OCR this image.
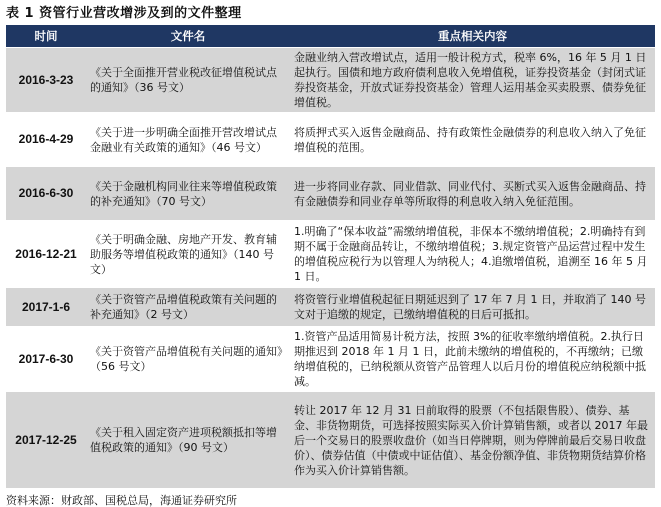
表 1 资管行业营改增涉及到的文件整理
时间	文件名	重点相关内容
2016-3-23	《关于全面推开营业税改征增值税试点的通知》（36 号文）	金融业纳入营改增试点，适用一般计税方式，税率 6%，16 年 5 月 1 日起执行。国债和地方政府债利息收入免增值税，证券投资基金（封闭式证券投资基金，开放式证券投资基金）管理人运用基金买卖股票、债券免征增值税。
2016-4-29	《关于进一步明确全面推开营改增试点金融业有关政策的通知》（46 号文）	将质押式买入返售金融商品、持有政策性金融债券的利息收入纳入了免征增值税的范围。
2016-6-30	《关于金融机构同业往来等增值税政策的补充通知》（70 号文）	进一步将同业存款、同业借款、同业代付、买断式买入返售金融商品、持有金融债券和同业存单等所取得的利息收入纳入免征范围。
2016-12-21	《关于明确金融、房地产开发、教育辅助服务等增值税政策的通知》（140 号文）	1.明确了“保本收益”需缴纳增值税，非保本不缴纳增值税；2.明确持有到期不属于金融商品转让，不缴纳增值税；3.规定资管产品运营过程中发生的增值税应税行为以管理人为纳税人；4.追缴增值税，追溯至 16 年 5 月 1 日。
2017-1-6	《关于资管产品增值税政策有关问题的补充通知》（2 号文）	将资管行业增值税起征日期延迟到了 17 年 7 月 1 日，并取消了 140 号文对于追缴的规定，已缴纳增值税的日后可抵扣。
2017-6-30	《关于资管产品增值税有关问题的通知》（56 号文）	1.资管产品适用简易计税方法，按照 3%的征收率缴纳增值税。2.执行日期推迟到 2018 年 1 月 1 日，此前未缴纳的增值税的，不再缴纳；已缴纳增值税的，已纳税额从资管产品管理人以后月份的增值税应纳税额中抵减。
2017-12-25	《关于租入固定资产进项税额抵扣等增值税政策的通知》（90 号文）	转让 2017 年 12 月 31 日前取得的股票（不包括限售股）、债券、基金、非货物期货，可选择按照实际买入价计算销售额，或者以 2017 年最后一个交易日的股票收盘价（如当日停牌期，则为停牌前最后交易日收盘价）、债券估值（中债或中证估值）、基金份额净值、非货物期货结算价格作为买入价计算销售额。
资料来源：财政部、国税总局，海通证券研究所
